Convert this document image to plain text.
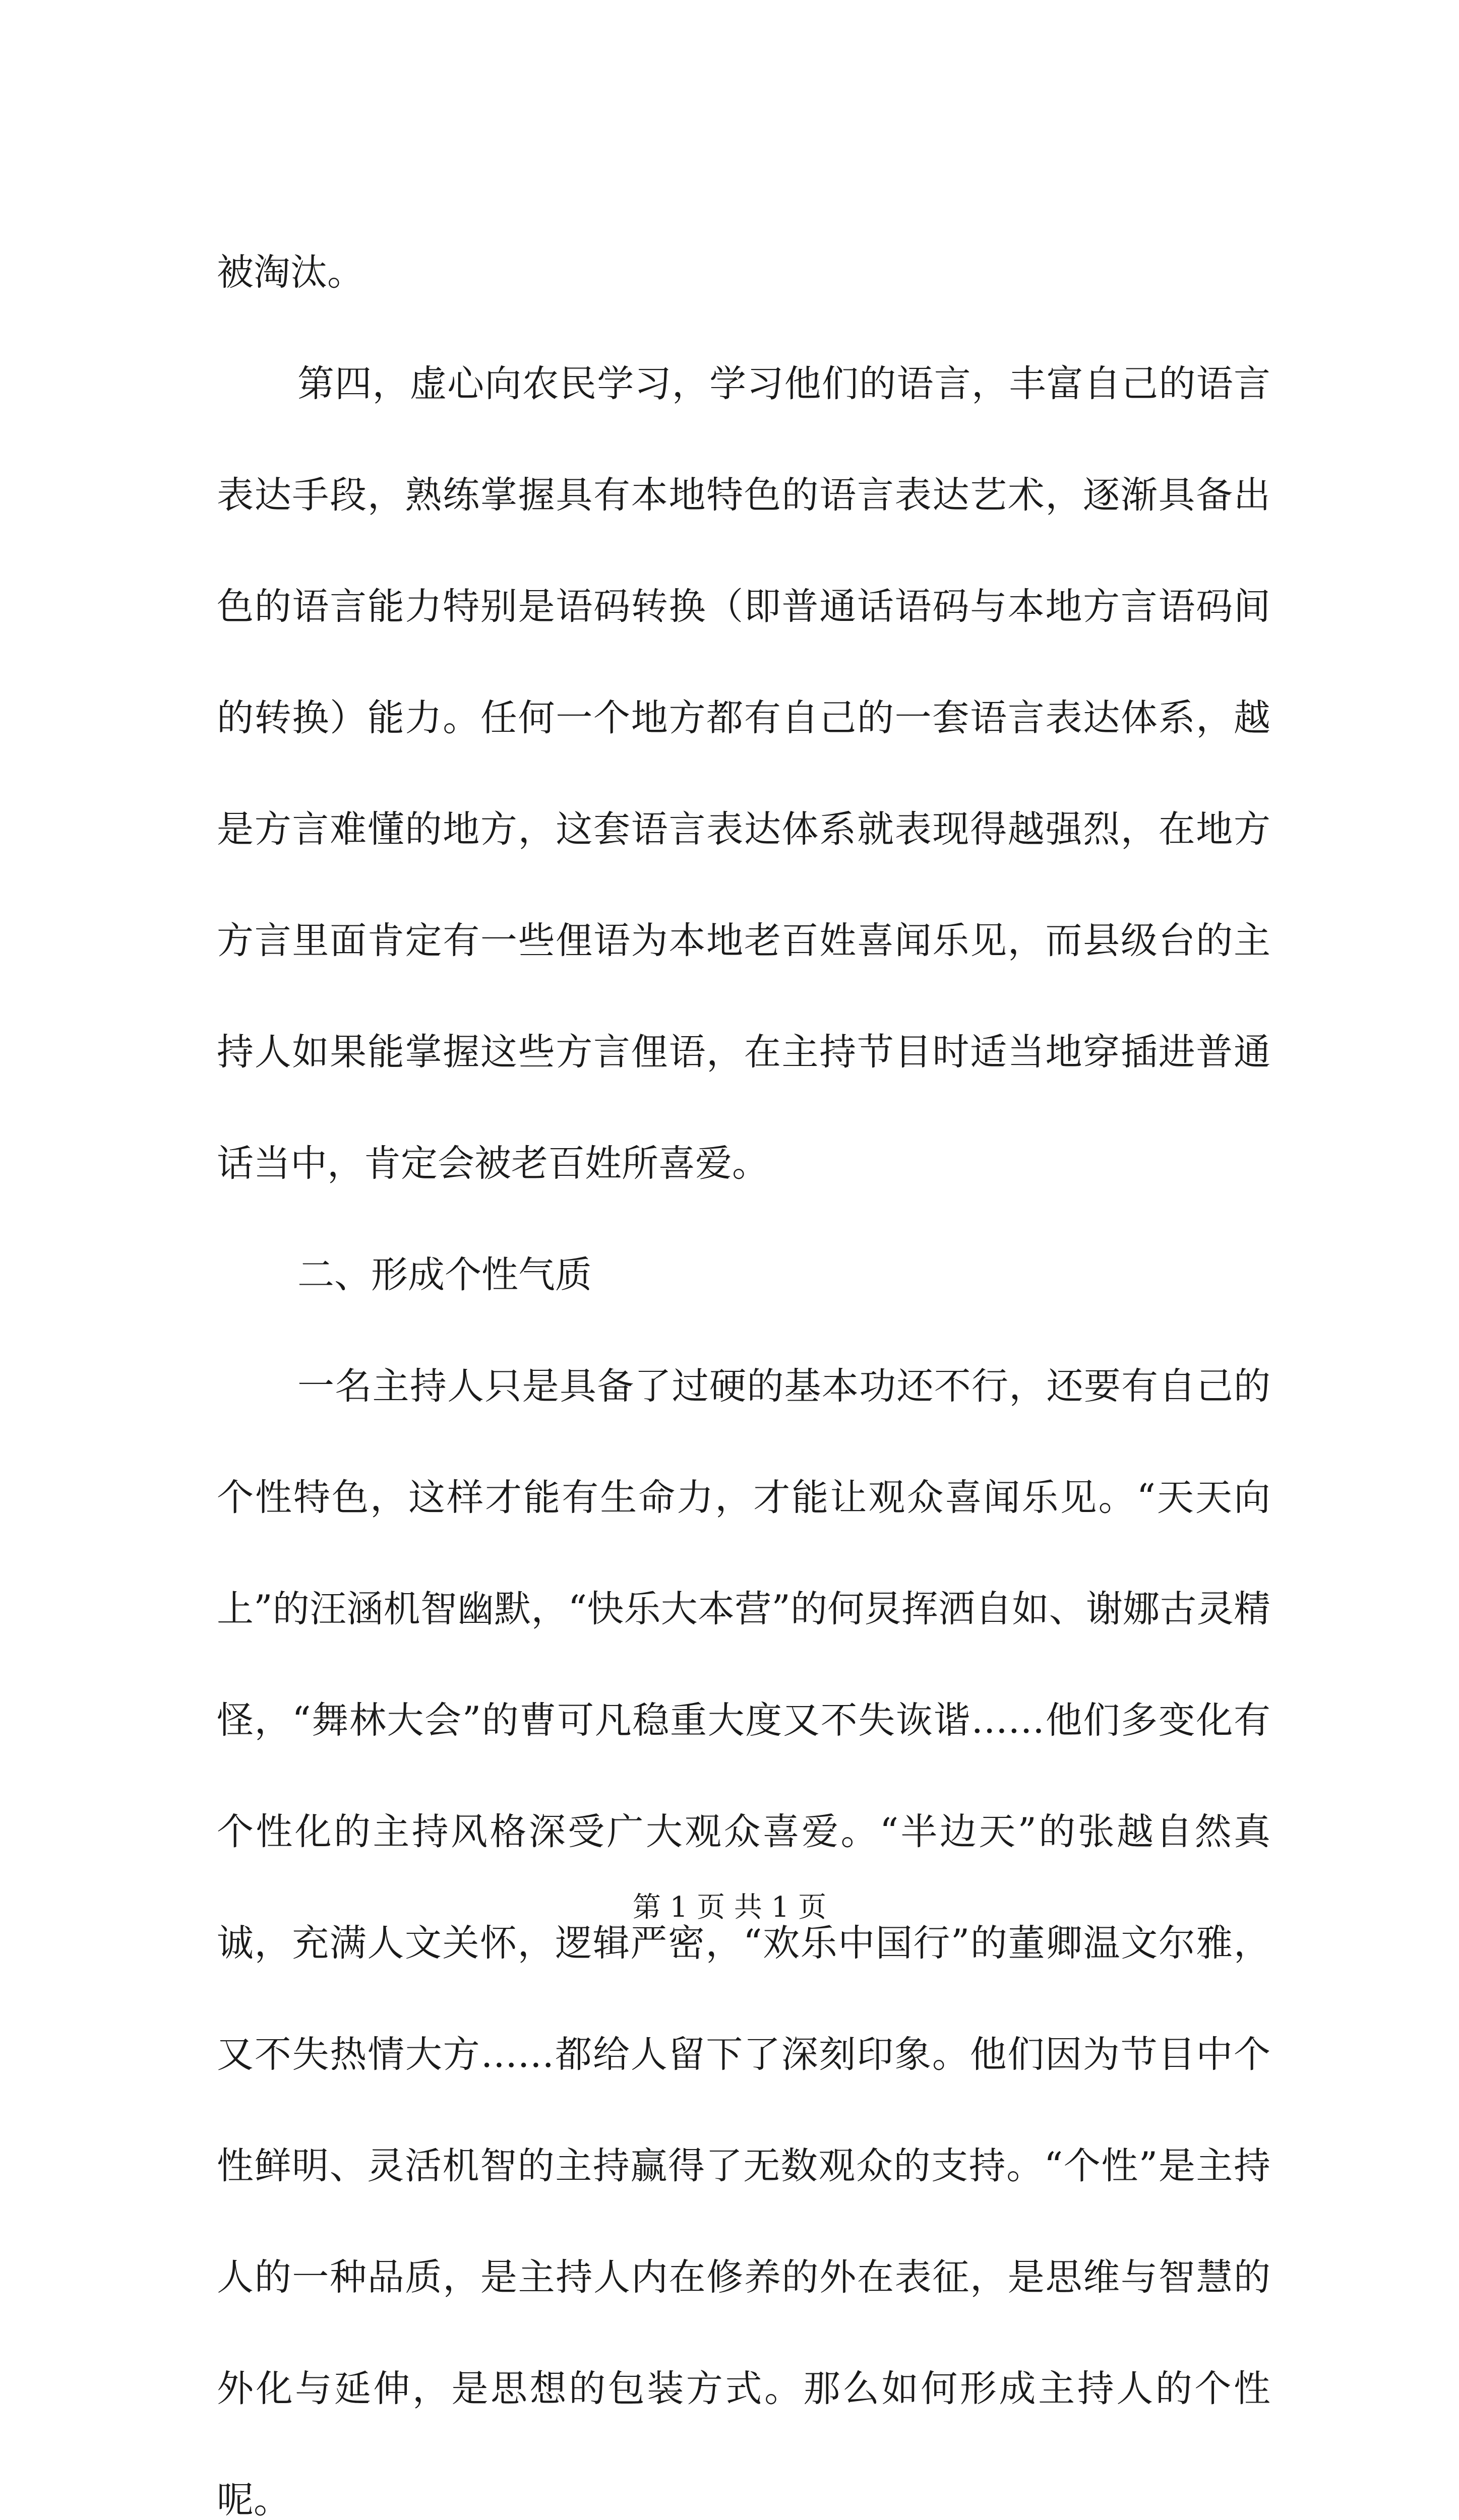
被淘汰。

第四，虚心向农民学习，学习他们的语言，丰富自己的语言表达手段，熟练掌握具有本地特色的语言表达艺术，逐渐具备出色的语言能力特别是语码转换（即普通话语码与本地方言语码间的转换）能力。任何一个地方都有自己的一套语言表达体系，越是方言难懂的地方，这套语言表达体系就表现得越强烈，在地方方言里面肯定有一些俚语为本地老百姓喜闻乐见，而县级台的主持人如果能掌握这些方言俚语，在主持节目时适当地穿插进普通话当中，肯定会被老百姓所喜爱。

二、形成个性气质

一名主持人只是具备了过硬的基本功还不行，还要有自己的个性特色，这样才能有生命力，才能让观众喜闻乐见。“天天向上”的汪涵机智幽默，“快乐大本营”的何炅挥洒自如、谢娜古灵精怪，“舞林大会”的曹可凡稳重大度又不失诙谐……他们多变化有个性化的主持风格深受广大观众喜爱。“半边天”的张越自然真诚，充满人文关怀，逻辑严密，“欢乐中国行”的董卿温文尔雅，又不失热情大方……都给人留下了深刻印象。他们因为节目中个性鲜明、灵活机智的主持赢得了无数观众的支持。“个性”是主持人的一种品质，是主持人内在修养的外在表征，是思维与智慧的外化与延伸，是思想的包装方式。那么如何形成主持人的个性呢。

第 1 页 共 1 页
